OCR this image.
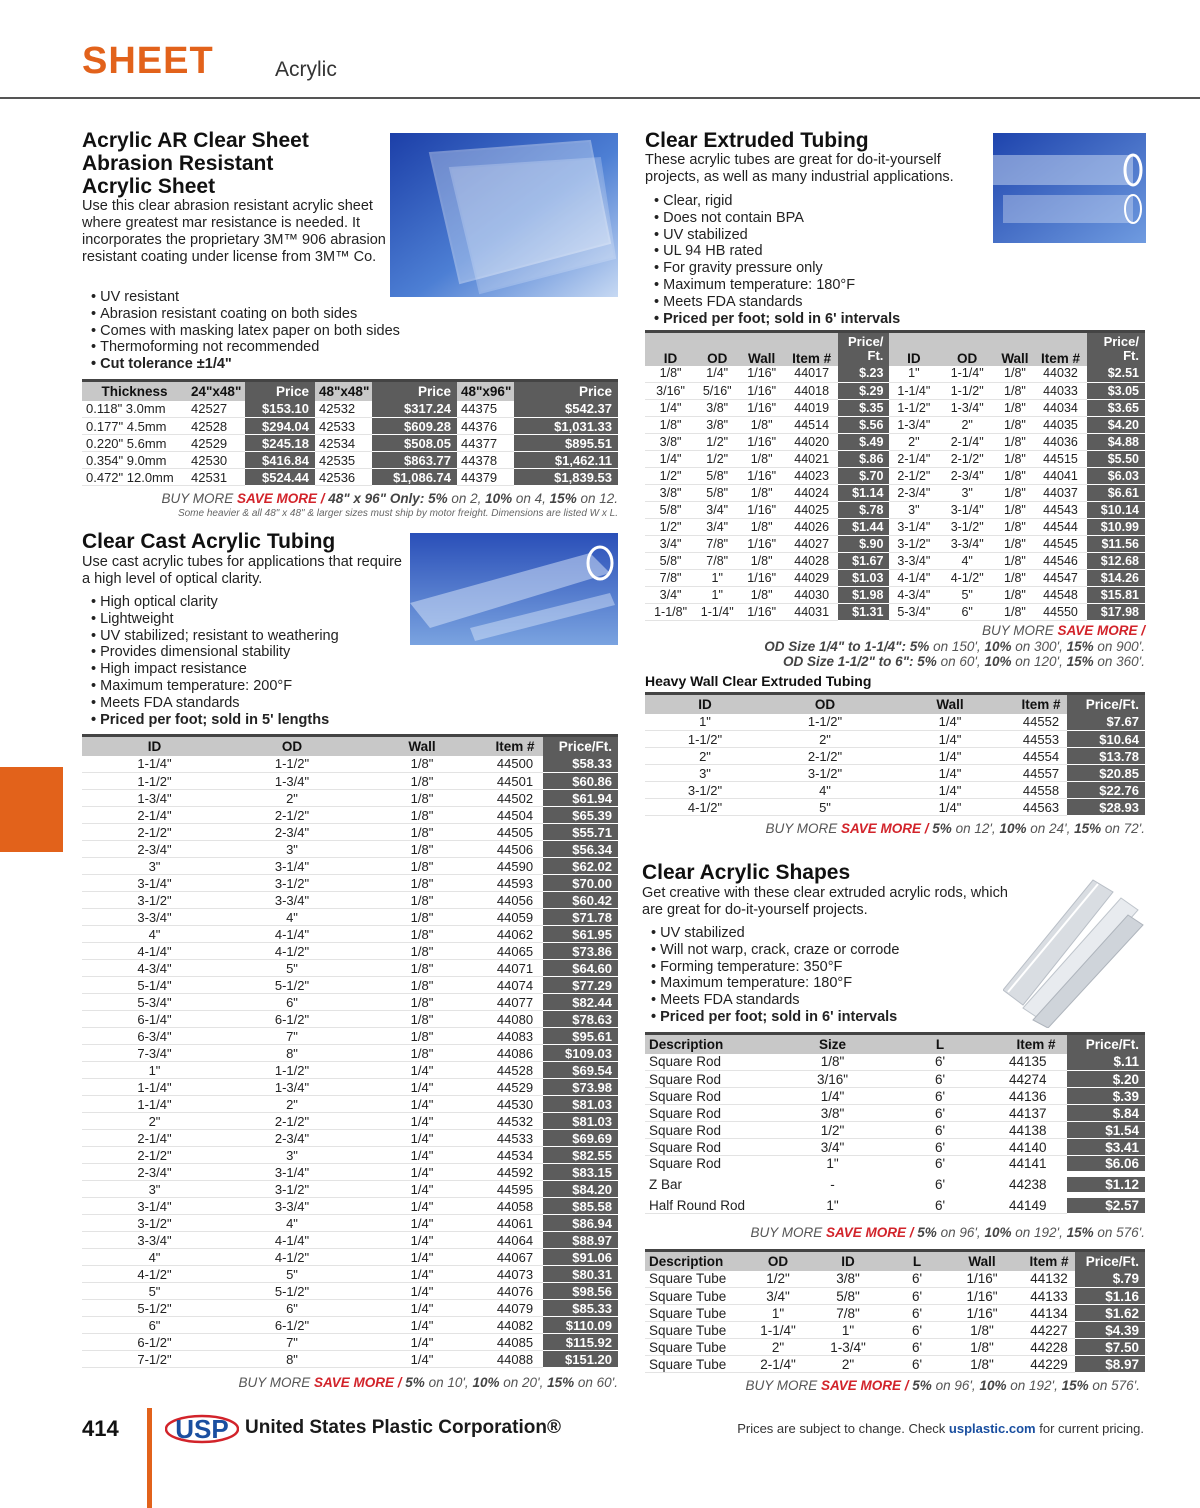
SHEET	Acrylic
Acrylic AR Clear Sheet
Abrasion Resistant
Acrylic Sheet
Use this clear abrasion resistant acrylic sheet where greatest mar resistance is needed. It incorporates the proprietary 3M™ 906 abrasion resistant coating under license from 3M™ Co.
• UV resistant
• Abrasion resistant coating on both sides
• Comes with masking latex paper on both sides
• Thermoforming not recommended
• Cut tolerance ±1/4"
Thickness	24"x48"	Price	48"x48"	Price	48"x96"	Price
0.118" 3.0mm	42527	$153.10	42532	$317.24	44375	$542.37
0.177" 4.5mm	42528	$294.04	42533	$609.28	44376	$1,031.33
0.220" 5.6mm	42529	$245.18	42534	$508.05	44377	$895.51
0.354" 9.0mm	42530	$416.84	42535	$863.77	44378	$1,462.11
0.472" 12.0mm	42531	$524.44	42536	$1,086.74	44379	$1,839.53
BUY MORE SAVE MORE / 48" x 96" Only: 5% on 2, 10% on 4, 15% on 12.
Some heavier & all 48" x 48" & larger sizes must ship by motor freight. Dimensions are listed W x L.
Clear Cast Acrylic Tubing
Use cast acrylic tubes for applications that require a high level of optical clarity.
• High optical clarity
• Lightweight
• UV stabilized; resistant to weathering
• Provides dimensional stability
• High impact resistance
• Maximum temperature: 200°F
• Meets FDA standards
• Priced per foot; sold in 5' lengths
ID	OD	Wall	Item #	Price/Ft.
1-1/4"	1-1/2"	1/8"	44500	$58.33
1-1/2"	1-3/4"	1/8"	44501	$60.86
1-3/4"	2"	1/8"	44502	$61.94
2-1/4"	2-1/2"	1/8"	44504	$65.39
2-1/2"	2-3/4"	1/8"	44505	$55.71
2-3/4"	3"	1/8"	44506	$56.34
3"	3-1/4"	1/8"	44590	$62.02
3-1/4"	3-1/2"	1/8"	44593	$70.00
3-1/2"	3-3/4"	1/8"	44056	$60.42
3-3/4"	4"	1/8"	44059	$71.78
4"	4-1/4"	1/8"	44062	$61.95
4-1/4"	4-1/2"	1/8"	44065	$73.86
4-3/4"	5"	1/8"	44071	$64.60
5-1/4"	5-1/2"	1/8"	44074	$77.29
5-3/4"	6"	1/8"	44077	$82.44
6-1/4"	6-1/2"	1/8"	44080	$78.63
6-3/4"	7"	1/8"	44083	$95.61
7-3/4"	8"	1/8"	44086	$109.03
1"	1-1/2"	1/4"	44528	$69.54
1-1/4"	1-3/4"	1/4"	44529	$73.98
1-1/4"	2"	1/4"	44530	$81.03
2"	2-1/2"	1/4"	44532	$81.03
2-1/4"	2-3/4"	1/4"	44533	$69.69
2-1/2"	3"	1/4"	44534	$82.55
2-3/4"	3-1/4"	1/4"	44592	$83.15
3"	3-1/2"	1/4"	44595	$84.20
3-1/4"	3-3/4"	1/4"	44058	$85.58
3-1/2"	4"	1/4"	44061	$86.94
3-3/4"	4-1/4"	1/4"	44064	$88.97
4"	4-1/2"	1/4"	44067	$91.06
4-1/2"	5"	1/4"	44073	$80.31
5"	5-1/2"	1/4"	44076	$98.56
5-1/2"	6"	1/4"	44079	$85.33
6"	6-1/2"	1/4"	44082	$110.09
6-1/2"	7"	1/4"	44085	$115.92
7-1/2"	8"	1/4"	44088	$151.20
BUY MORE SAVE MORE / 5% on 10', 10% on 20', 15% on 60'.
Clear Extruded Tubing
These acrylic tubes are great for do-it-yourself projects, as well as many industrial applications.
• Clear, rigid
• Does not contain BPA
• UV stabilized
• UL 94 HB rated
• For gravity pressure only
• Maximum temperature: 180°F
• Meets FDA standards
• Priced per foot; sold in 6' intervals
ID	OD	Wall	Item #	Price/ Ft.	ID	OD	Wall	Item #	Price/ Ft.
1/8"	1/4"	1/16"	44017	$.23	1"	1-1/4"	1/8"	44032	$2.51
3/16"	5/16"	1/16"	44018	$.29	1-1/4"	1-1/2"	1/8"	44033	$3.05
1/4"	3/8"	1/16"	44019	$.35	1-1/2"	1-3/4"	1/8"	44034	$3.65
1/8"	3/8"	1/8"	44514	$.56	1-3/4"	2"	1/8"	44035	$4.20
3/8"	1/2"	1/16"	44020	$.49	2"	2-1/4"	1/8"	44036	$4.88
1/4"	1/2"	1/8"	44021	$.86	2-1/4"	2-1/2"	1/8"	44515	$5.50
1/2"	5/8"	1/16"	44023	$.70	2-1/2"	2-3/4"	1/8"	44041	$6.03
3/8"	5/8"	1/8"	44024	$1.14	2-3/4"	3"	1/8"	44037	$6.61
5/8"	3/4"	1/16"	44025	$.78	3"	3-1/4"	1/8"	44543	$10.14
1/2"	3/4"	1/8"	44026	$1.44	3-1/4"	3-1/2"	1/8"	44544	$10.99
3/4"	7/8"	1/16"	44027	$.90	3-1/2"	3-3/4"	1/8"	44545	$11.56
5/8"	7/8"	1/8"	44028	$1.67	3-3/4"	4"	1/8"	44546	$12.68
7/8"	1"	1/16"	44029	$1.03	4-1/4"	4-1/2"	1/8"	44547	$14.26
3/4"	1"	1/8"	44030	$1.98	4-3/4"	5"	1/8"	44548	$15.81
1-1/8"	1-1/4"	1/16"	44031	$1.31	5-3/4"	6"	1/8"	44550	$17.98
BUY MORE SAVE MORE /
OD Size 1/4" to 1-1/4": 5% on 150', 10% on 300', 15% on 900'.
OD Size 1-1/2" to 6": 5% on 60', 10% on 120', 15% on 360'.
Heavy Wall Clear Extruded Tubing
ID	OD	Wall	Item #	Price/Ft.
1"	1-1/2"	1/4"	44552	$7.67
1-1/2"	2"	1/4"	44553	$10.64
2"	2-1/2"	1/4"	44554	$13.78
3"	3-1/2"	1/4"	44557	$20.85
3-1/2"	4"	1/4"	44558	$22.76
4-1/2"	5"	1/4"	44563	$28.93
BUY MORE SAVE MORE / 5% on 12', 10% on 24', 15% on 72'.
Clear Acrylic Shapes
Get creative with these clear extruded acrylic rods, which are great for do-it-yourself projects.
• UV stabilized
• Will not warp, crack, craze or corrode
• Forming temperature: 350°F
• Maximum temperature: 180°F
• Meets FDA standards
• Priced per foot; sold in 6' intervals
Description	Size	L	Item #	Price/Ft.
Square Rod	1/8"	6'	44135	$.11
Square Rod	3/16"	6'	44274	$.20
Square Rod	1/4"	6'	44136	$.39
Square Rod	3/8"	6'	44137	$.84
Square Rod	1/2"	6'	44138	$1.54
Square Rod	3/4"	6'	44140	$3.41
Square Rod	1"	6'	44141	$6.06
Z Bar	-	6'	44238	$1.12
Half Round Rod	1"	6'	44149	$2.57
BUY MORE SAVE MORE / 5% on 96', 10% on 192', 15% on 576'.
Description	OD	ID	L	Wall	Item #	Price/Ft.
Square Tube	1/2"	3/8"	6'	1/16"	44132	$.79
Square Tube	3/4"	5/8"	6'	1/16"	44133	$1.16
Square Tube	1"	7/8"	6'	1/16"	44134	$1.62
Square Tube	1-1/4"	1"	6'	1/8"	44227	$4.39
Square Tube	2"	1-3/4"	6'	1/8"	44228	$7.50
Square Tube	2-1/4"	2"	6'	1/8"	44229	$8.97
BUY MORE SAVE MORE / 5% on 96', 10% on 192', 15% on 576'.
414 USP United States Plastic Corporation®	Prices are subject to change. Check usplastic.com for current pricing.
